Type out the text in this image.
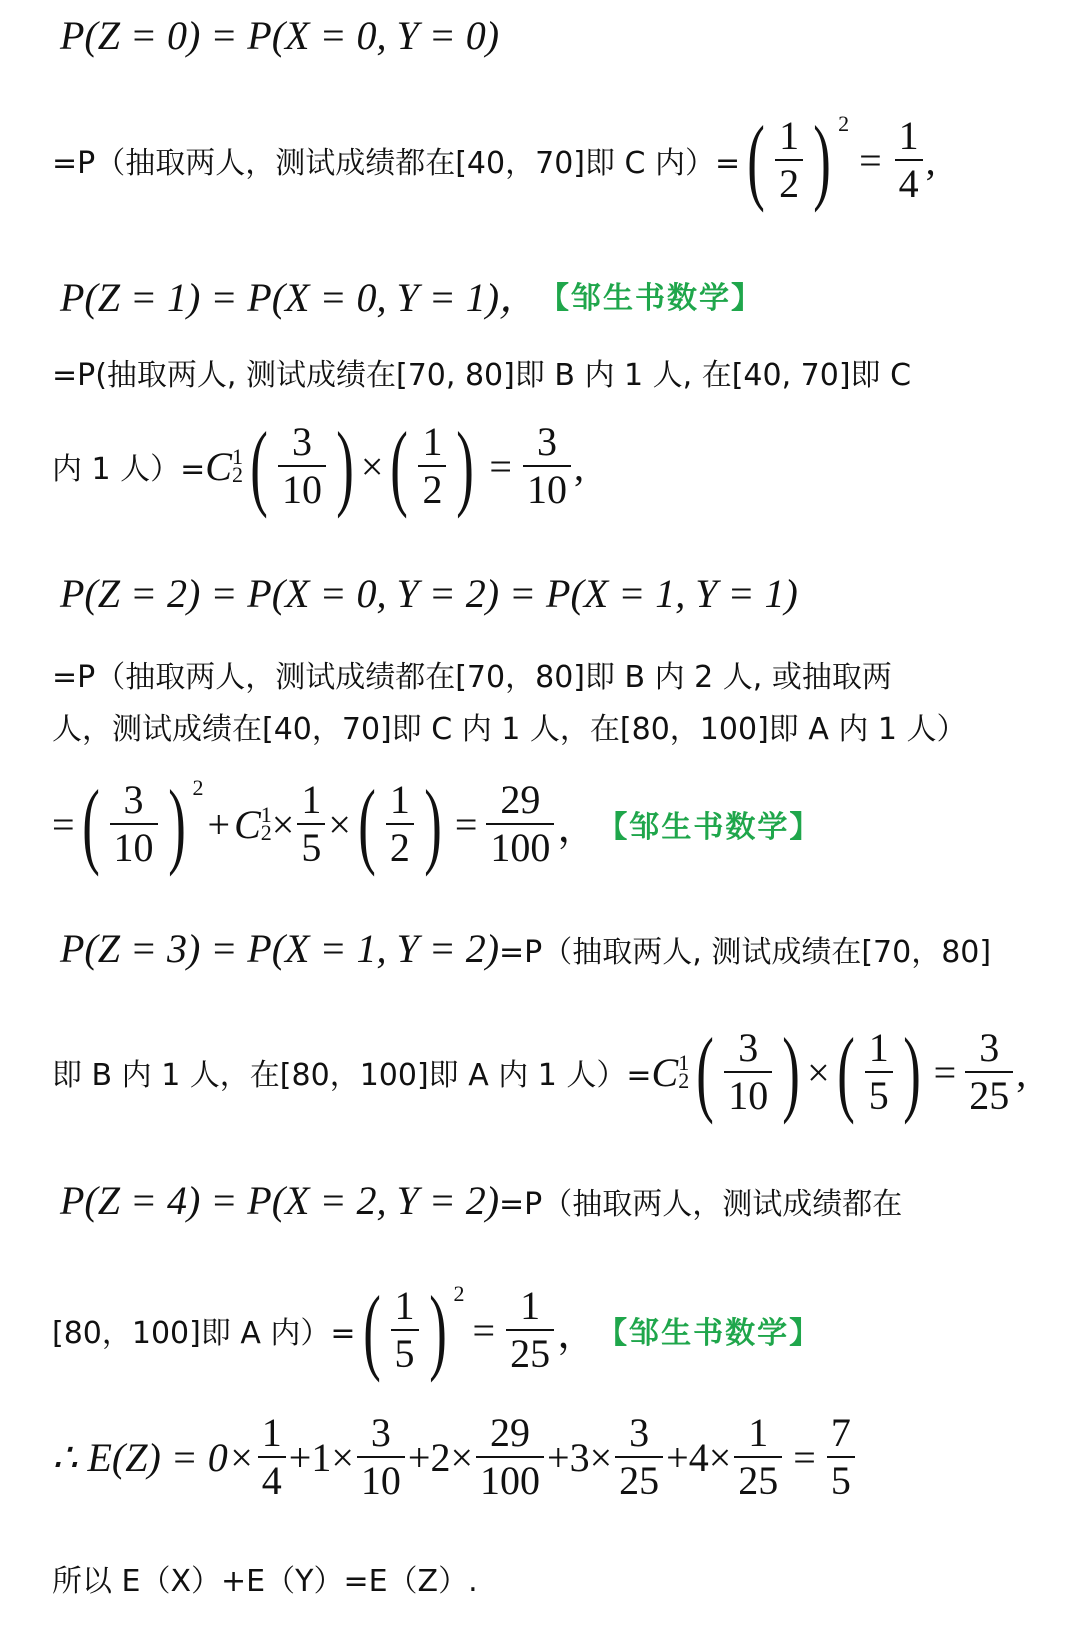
P(Z = 0) = P(X = 0, Y = 0)
=P（抽取两人，测试成绩都在[40，70]即 C 内）= ( $\frac{1}{2}$ ) 2
= $\frac{1}{4}$ ,
P(Z = 1) = P(X = 0, Y = 1)， 【邹生书数学】
=P(抽取两人, 测试成绩在[70, 80]即 B 内 1 人, 在[40, 70]即 C
内 1 人）= C 1
2 ( $\frac{3}{10}$ ) × ( $\frac{1}{2}$ ) = $\frac{3}{10}$ ,
P(Z = 2) = P(X = 0, Y = 2) = P(X = 1, Y = 1)
=P（抽取两人，测试成绩都在[70，80]即 B 内 2 人, 或抽取两
人，测试成绩在[40，70]即 C 内 1 人，在[80，100]即 A 内 1 人）
= ( $\frac{3}{10}$ ) 2
+ C 1
$2 \times \frac{1}{5}$ × ( $\frac{1}{2}$ ) = $\frac{29}{100}$ ， 【邹生书数学】
P(Z = 3) = P(X = 1, Y = 2) =P（抽取两人, 测试成绩在[70，80]
即 B 内 1 人，在[80，100]即 A 内 1 人）= C 1
2 ( $\frac{3}{10}$ ) × ( $\frac{1}{5}$ ) = $\frac{3}{25}$ ,
P(Z = 4) = P(X = 2, Y = 2) =P（抽取两人，测试成绩都在
[80，100]即 A 内）= ( $\frac{1}{5}$ ) 2
= $\frac{1}{25}$ ， 【邹生书数学】
∴ $E(Z) = 0\times \frac{1}{4} +1\times \frac{3}{10} +2\times \frac{29}{100} +3\times \frac{3}{25} +4\times \frac{1}{25} = \frac{7}{5}$
所以 E（X）+E（Y）=E（Z）.
